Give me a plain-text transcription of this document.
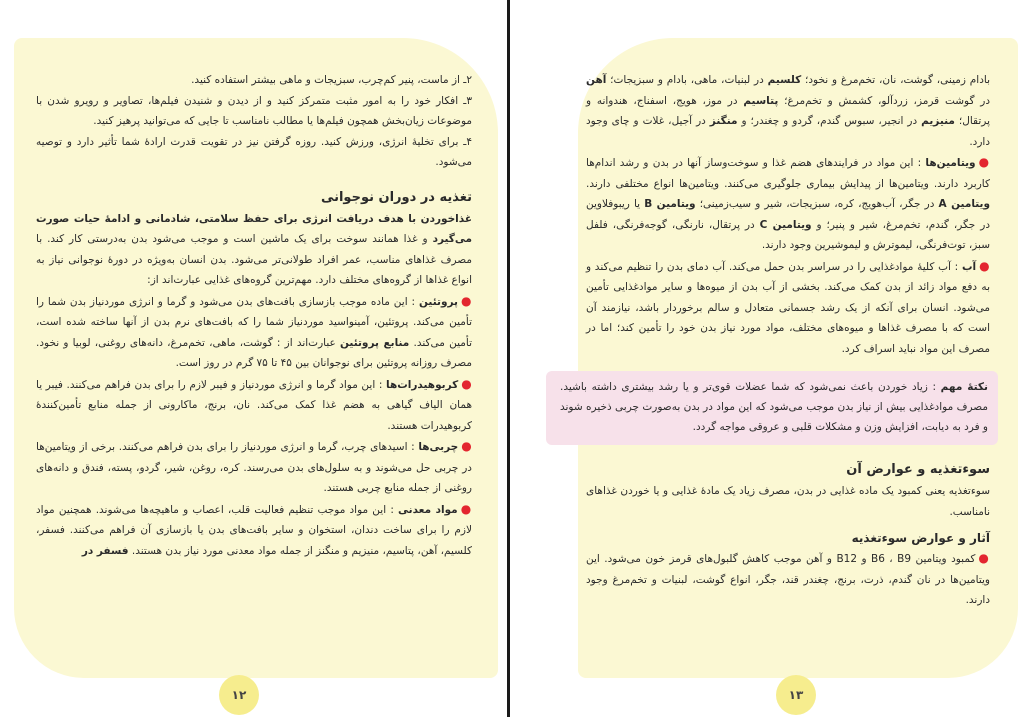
۲ـ از ماست، پنیر کم‌چرب، سبزیجات و ماهی بیشتر استفاده کنید.

۳ـ افکار خود را به امور مثبت متمرکز کنید و از دیدن و شنیدن فیلم‌ها، تصاویر و رویرو شدن با موضوعات زیان‌بخش همچون فیلم‌ها یا مطالب نامناسب تا جایی که می‌توانید پرهیز کنید.

۴ـ برای تخلیهٔ انرژی، ورزش کنید. روزه گرفتن نیز در تقویت قدرت ارادهٔ شما تأثیر دارد و توصیه می‌شود.

تغذیه در دوران نوجوانی

غذاخوردن با هدف دریافت انرژی برای حفظ سلامتی، شادمانی و ادامهٔ حیات صورت می‌گیرد و غذا همانند سوخت برای یک ماشین است و موجب می‌شود بدن به‌درستی کار کند. با مصرف غذاهای مناسب، عمر افراد طولانی‌تر می‌شود. بدن انسان به‌ویژه در دورهٔ نوجوانی نیاز به انواع غذاها از گروه‌های مختلف دارد. مهم‌ترین گروه‌های غذایی عبارت‌اند از:

●پروتئین : این ماده موجب بازسازی بافت‌های بدن می‌شود و گرما و انرژی موردنیاز بدن شما را تأمین می‌کند. پروتئین، آمینواسید موردنیاز شما را که بافت‌های نرم بدن از آنها ساخته شده است، تأمین می‌کند. منابع پروتئین عبارت‌اند از : گوشت، ماهی، تخم‌مرغ، دانه‌های روغنی، لوبیا و نخود. مصرف روزانه پروتئین برای نوجوانان بین ۴۵ تا ۷۵ گرم در روز است.

●کربوهیدرات‌ها : این مواد گرما و انرژی موردنیاز و فیبر لازم را برای بدن فراهم می‌کنند. فیبر یا همان الیاف گیاهی به هضم غذا کمک می‌کند. نان، برنج، ماکارونی از جمله منابع تأمین‌کنندهٔ کربوهیدرات هستند.

●چربی‌ها : اسیدهای چرب، گرما و انرژی موردنیاز را برای بدن فراهم می‌کنند. برخی از ویتامین‌ها در چربی حل می‌شوند و به سلول‌های بدن می‌رسند. کره، روغن، شیر، گردو، پسته، فندق و دانه‌های روغنی از جمله منابع چربی هستند.

●مواد معدنی : این مواد موجب تنظیم فعالیت قلب، اعصاب و ماهیچه‌ها می‌شوند. همچنین مواد لازم را برای ساخت دندان، استخوان و سایر بافت‌های بدن یا بازسازی آن فراهم می‌کنند. فسفر، کلسیم، آهن، پتاسیم، منیزیم و منگنز از جمله مواد معدنی مورد نیاز بدن هستند. فسفر در

۱۲

بادام زمینی، گوشت، نان، تخم‌مرغ و نخود؛ کلسیم در لبنیات، ماهی، بادام و سبزیجات؛ آهن در گوشت قرمز، زردآلو، کشمش و تخم‌مرغ؛ پتاسیم در موز، هویج، اسفناج، هندوانه و پرتقال؛ منیزیم در انجیر، سبوس گندم، گردو و چغندر؛ و منگنز در آجیل، غلات و چای وجود دارد.

●ویتامین‌ها : این مواد در فرایندهای هضم غذا و سوخت‌وساز آنها در بدن و رشد اندام‌ها کاربرد دارند. ویتامین‌ها از پیدایش بیماری جلوگیری می‌کنند. ویتامین‌ها انواع مختلفی دارند. ویتامین A در جگر، آب‌هویج، کره، سبزیجات، شیر و سیب‌زمینی؛ ویتامین B یا ریبوفلاوین در جگر، گندم، تخم‌مرغ، شیر و پنیر؛ و ویتامین C در پرتقال، نارنگی، گوجه‌فرنگی، فلفل سبز، توت‌فرنگی، لیموترش و لیموشیرین وجود دارند.

●آب : آب کلیهٔ موادغذایی را در سراسر بدن حمل می‌کند. آب دمای بدن را تنظیم می‌کند و به دفع مواد زائد از بدن کمک می‌کند. بخشی از آب بدن از میوه‌ها و سایر موادغذایی تأمین می‌شود. انسان برای آنکه از یک رشد جسمانی متعادل و سالم برخوردار باشد، نیازمند آن است که با مصرف غذاها و میوه‌های مختلف، مواد مورد نیاز بدن خود را تأمین کند؛ اما در مصرف این مواد نباید اسراف کرد.

نکتهٔ مهم : زیاد خوردن باعث نمی‌شود که شما عضلات قوی‌تر و یا رشد بیشتری داشته باشید. مصرف موادغذایی بیش از نیاز بدن موجب می‌شود که این مواد در بدن به‌صورت چربی ذخیره شوند و فرد به دیابت، افزایش وزن و مشکلات قلبی و عروقی مواجه گردد.
سوءتغذیه و عوارض آن

سوءتغذیه یعنی کمبود یک ماده غذایی در بدن، مصرف زیاد یک مادهٔ غذایی و یا خوردن غذاهای نامناسب.

آثار و عوارض سوءتغذیه

●کمبود ویتامین B6 ، B9 و B12 و آهن موجب کاهش گلبول‌های قرمز خون می‌شود. این ویتامین‌ها در نان گندم، ذرت، برنج، چغندر قند، جگر، انواع گوشت، لبنیات و تخم‌مرغ وجود دارند.

۱۳
